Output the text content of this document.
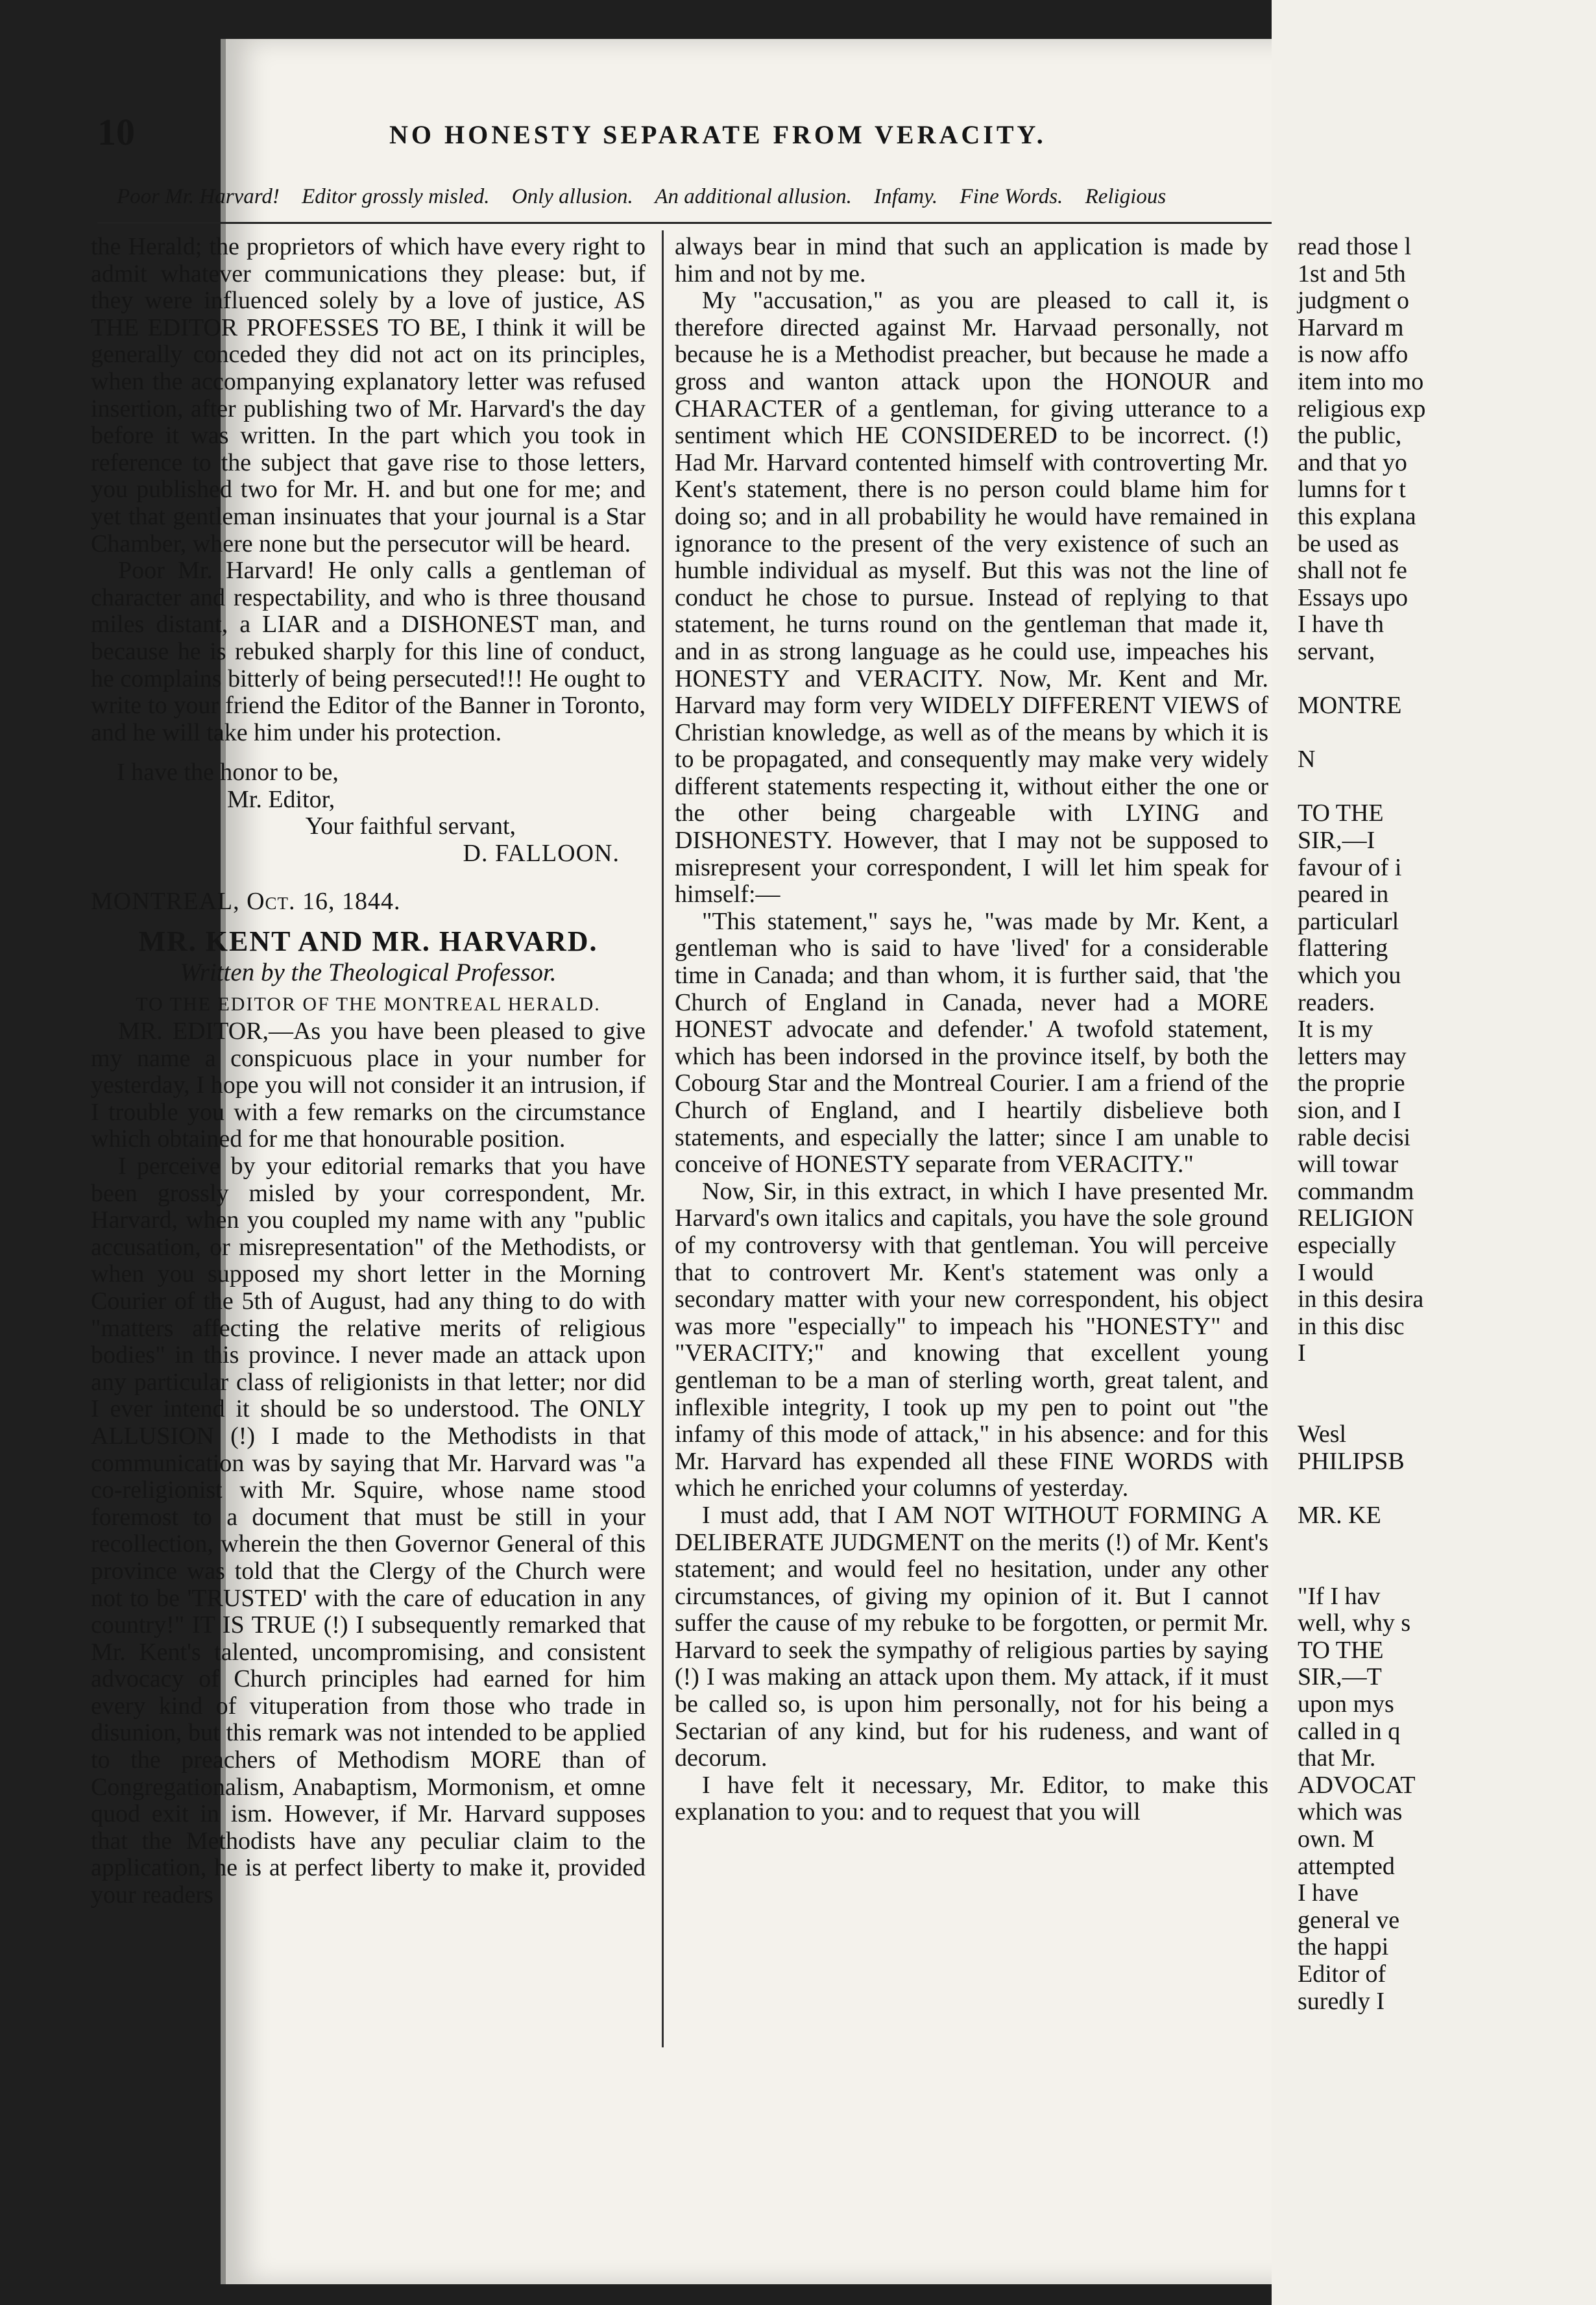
10	NO HONESTY SEPARATE FROM VERACITY.
Poor Mr. Harvard! Editor grossly misled. Only allusion. An additional allusion. Infamy. Fine Words. Religious

the Herald; the proprietors of which have every right to admit whatever communications they please: but, if they were influenced solely by a love of justice, AS THE EDITOR PROFESSES TO BE, I think it will be generally conceded they did not act on its principles, when the accompanying explanatory letter was refused insertion, after publishing two of Mr. Harvard's the day before it was written. In the part which you took in reference to the subject that gave rise to those letters, you published two for Mr. H. and but one for me; and yet that gentleman insinuates that your journal is a Star Chamber, where none but the persecutor will be heard.

Poor Mr. Harvard! He only calls a gentleman of character and respectability, and who is three thousand miles distant, a LIAR and a DISHONEST man, and because he is rebuked sharply for this line of conduct, he complains bitterly of being persecuted!!! He ought to write to your friend the Editor of the Banner in Toronto, and he will take him under his protection.

I have the honor to be,

Mr. Editor,

Your faithful servant,

D. FALLOON.

MONTREAL, Oct. 16, 1844.

MR. KENT AND MR. HARVARD.

Written by the Theological Professor.

TO THE EDITOR OF THE MONTREAL HERALD.

MR. EDITOR,—As you have been pleased to give my name a conspicuous place in your number for yesterday, I hope you will not consider it an intrusion, if I trouble you with a few remarks on the circumstance which obtained for me that honourable position.

I perceive by your editorial remarks that you have been grossly misled by your correspondent, Mr. Harvard, when you coupled my name with any "public accusation, or misrepresentation" of the Methodists, or when you supposed my short letter in the Morning Courier of the 5th of August, had any thing to do with "matters affecting the relative merits of religious bodies" in this province. I never made an attack upon any particular class of religionists in that letter; nor did I ever intend it should be so understood. The ONLY ALLUSION (!) I made to the Methodists in that communication was by saying that Mr. Harvard was "a co-religionist with Mr. Squire, whose name stood foremost to a document that must be still in your recollection, wherein the then Governor General of this province was told that the Clergy of the Church were not to be 'TRUSTED' with the care of education in any country!" IT IS TRUE (!) I subsequently remarked that Mr. Kent's talented, uncompromising, and consistent advocacy of Church principles had earned for him every kind of vituperation from those who trade in disunion, but this remark was not intended to be applied to the preachers of Methodism MORE than of Congregationalism, Anabaptism, Mormonism, et omne quod exit in ism. However, if Mr. Harvard supposes that the Methodists have any peculiar claim to the application, he is at perfect liberty to make it, provided your readers

always bear in mind that such an application is made by him and not by me.

My "accusation," as you are pleased to call it, is therefore directed against Mr. Harvaad personally, not because he is a Methodist preacher, but because he made a gross and wanton attack upon the HONOUR and CHARACTER of a gentleman, for giving utterance to a sentiment which HE CONSIDERED to be incorrect. (!) Had Mr. Harvard contented himself with controverting Mr. Kent's statement, there is no person could blame him for doing so; and in all probability he would have remained in ignorance to the present of the very existence of such an humble individual as myself. But this was not the line of conduct he chose to pursue. Instead of replying to that statement, he turns round on the gentleman that made it, and in as strong language as he could use, impeaches his HONESTY and VERACITY. Now, Mr. Kent and Mr. Harvard may form very WIDELY DIFFERENT VIEWS of Christian knowledge, as well as of the means by which it is to be propagated, and consequently may make very widely different statements respecting it, without either the one or the other being chargeable with LYING and DISHONESTY. However, that I may not be supposed to misrepresent your correspondent, I will let him speak for himself:—

"This statement," says he, "was made by Mr. Kent, a gentleman who is said to have 'lived' for a considerable time in Canada; and than whom, it is further said, that 'the Church of England in Canada, never had a MORE HONEST advocate and defender.' A twofold statement, which has been indorsed in the province itself, by both the Cobourg Star and the Montreal Courier. I am a friend of the Church of England, and I heartily disbelieve both statements, and especially the latter; since I am unable to conceive of HONESTY separate from VERACITY."

Now, Sir, in this extract, in which I have presented Mr. Harvard's own italics and capitals, you have the sole ground of my controversy with that gentleman. You will perceive that to controvert Mr. Kent's statement was only a secondary matter with your new correspondent, his object was more "especially" to impeach his "HONESTY" and "VERACITY;" and knowing that excellent young gentleman to be a man of sterling worth, great talent, and inflexible integrity, I took up my pen to point out "the infamy of this mode of attack," in his absence: and for this Mr. Harvard has expended all these FINE WORDS with which he enriched your columns of yesterday.

I must add, that I AM NOT WITHOUT FORMING A DELIBERATE JUDGMENT on the merits (!) of Mr. Kent's statement; and would feel no hesitation, under any other circumstances, of giving my opinion of it. But I cannot suffer the cause of my rebuke to be forgotten, or permit Mr. Harvard to seek the sympathy of religious parties by saying (!) I was making an attack upon them. My attack, if it must be called so, is upon him personally, not for his being a Sectarian of any kind, but for his rudeness, and want of decorum.

I have felt it necessary, Mr. Editor, to make this explanation to you: and to request that you will

read those l
1st and 5th
judgment o
Harvard m
is now affo
item into mo
religious exp
the public,
and that yo
lumns for t
this explana
be used as
shall not fe
Essays upo
I have th
servant,
MONTRE
N
TO THE
SIR,—I
favour of i
peared in
particularl
flattering
which you
readers.
It is my
letters may
the proprie
sion, and I
rable decisi
will towar
commandm
RELIGION
especially
I would
in this desira
in this disc
I
Wesl
PHILIPSB
MR. KE
"If I hav
well, why s
TO THE
SIR,—T
upon mys
called in q
that Mr.
ADVOCAT
which was
own. M
attempted
I have
general ve
the happi
Editor of
suredly I
